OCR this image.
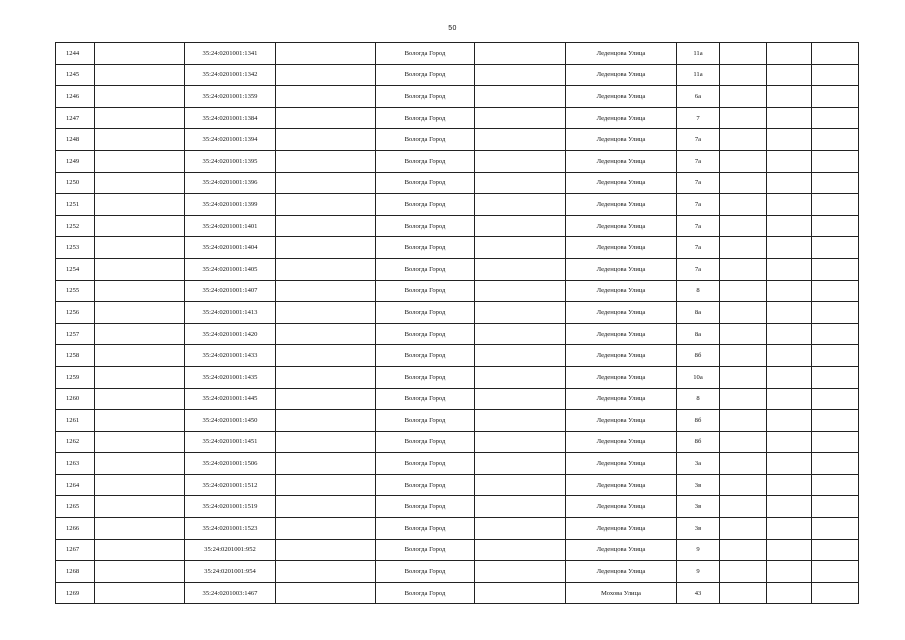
50
1244		35:24:0201001:1341		Вологда Город		Леденцова Улица	11а			
1245		35:24:0201001:1342		Вологда Город		Леденцова Улица	11а			
1246		35:24:0201001:1359		Вологда Город		Леденцова Улица	6а			
1247		35:24:0201001:1384		Вологда Город		Леденцова Улица	7			
1248		35:24:0201001:1394		Вологда Город		Леденцова Улица	7а			
1249		35:24:0201001:1395		Вологда Город		Леденцова Улица	7а			
1250		35:24:0201001:1396		Вологда Город		Леденцова Улица	7а			
1251		35:24:0201001:1399		Вологда Город		Леденцова Улица	7а			
1252		35:24:0201001:1401		Вологда Город		Леденцова Улица	7а			
1253		35:24:0201001:1404		Вологда Город		Леденцова Улица	7а			
1254		35:24:0201001:1405		Вологда Город		Леденцова Улица	7а			
1255		35:24:0201001:1407		Вологда Город		Леденцова Улица	8			
1256		35:24:0201001:1413		Вологда Город		Леденцова Улица	8а			
1257		35:24:0201001:1420		Вологда Город		Леденцова Улица	8а			
1258		35:24:0201001:1433		Вологда Город		Леденцова Улица	8б			
1259		35:24:0201001:1435		Вологда Город		Леденцова Улица	10а			
1260		35:24:0201001:1445		Вологда Город		Леденцова Улица	8			
1261		35:24:0201001:1450		Вологда Город		Леденцова Улица	8б			
1262		35:24:0201001:1451		Вологда Город		Леденцова Улица	8б			
1263		35:24:0201001:1506		Вологда Город		Леденцова Улица	3а			
1264		35:24:0201001:1512		Вологда Город		Леденцова Улица	3в			
1265		35:24:0201001:1519		Вологда Город		Леденцова Улица	3в			
1266		35:24:0201001:1523		Вологда Город		Леденцова Улица	3в			
1267		35:24:0201001:952		Вологда Город		Леденцова Улица	9			
1268		35:24:0201001:954		Вологда Город		Леденцова Улица	9			
1269		35:24:0201003:1467		Вологда Город		Мохова Улица	43			
